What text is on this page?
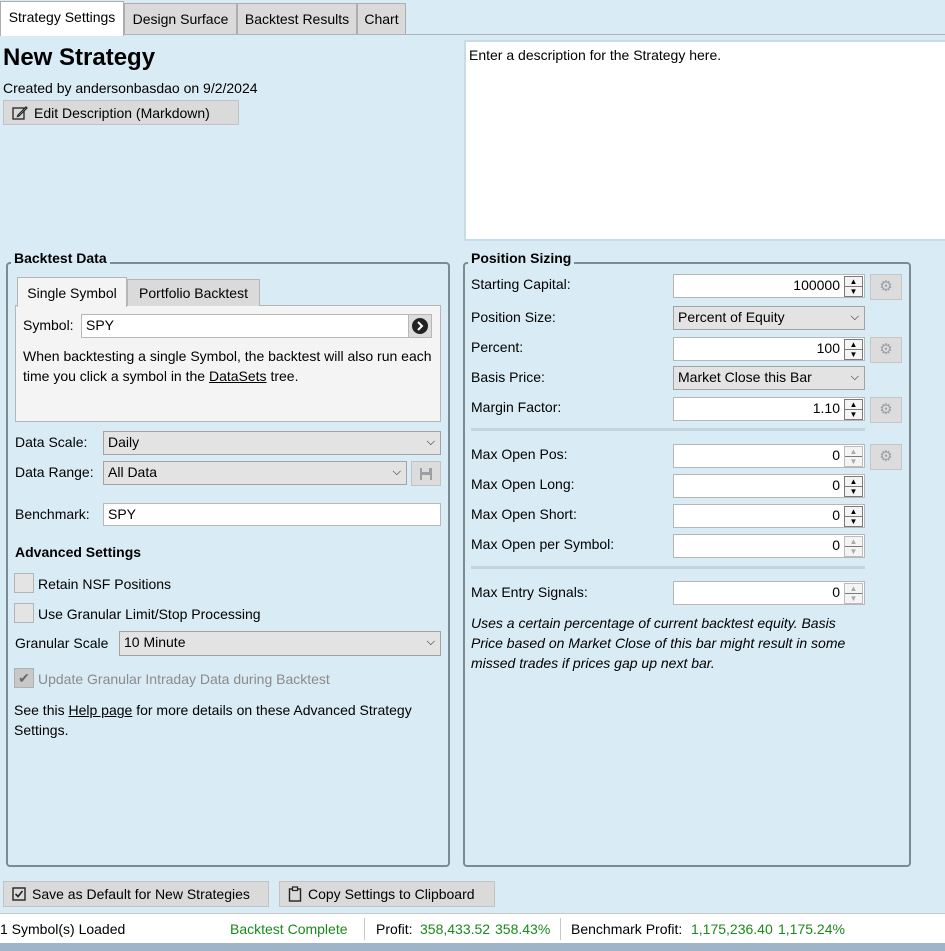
Strategy Settings	Design Surface	Backtest Results	Chart
New Strategy
Created by andersonbasdao on 9/2/2024
Edit Description (Markdown)
Enter a description for the Strategy here.
Backtest Data
Single Symbol	Portfolio Backtest
Symbol: SPY
When backtesting a single Symbol, the backtest will also run each time you click a symbol in the DataSets tree.
Data Scale:	Daily	⌵
Data Range:	All Data	⌵
Benchmark:	SPY
Advanced Settings
Retain NSF Positions
Use Granular Limit/Stop Processing
Granular Scale	10 Minute	⌵
✔ Update Granular Intraday Data during Backtest
See this Help page for more details on these Advanced Strategy Settings.
Position Sizing
Starting Capital:	100000	▲
▼	⚙
Position Size:	Percent of Equity	⌵
Percent:	100	▲
▼	⚙
Basis Price:	Market Close this Bar	⌵
Margin Factor:	1.10	▲
▼	⚙
Max Open Pos:	0	▲
▼	⚙
Max Open Long:	0	▲
▼
Max Open Short:	0	▲
▼
Max Open per Symbol:	0	▲
▼
Max Entry Signals:	0	▲
▼
Uses a certain percentage of current backtest equity. Basis Price based on Market Close of this bar might result in some missed trades if prices gap up next bar.
Save as Default for New Strategies	Copy Settings to Clipboard
1 Symbol(s) Loaded	Backtest Complete Profit: 358,433.52 358.43% Benchmark Profit: 1,175,236.40 1,175.24%
